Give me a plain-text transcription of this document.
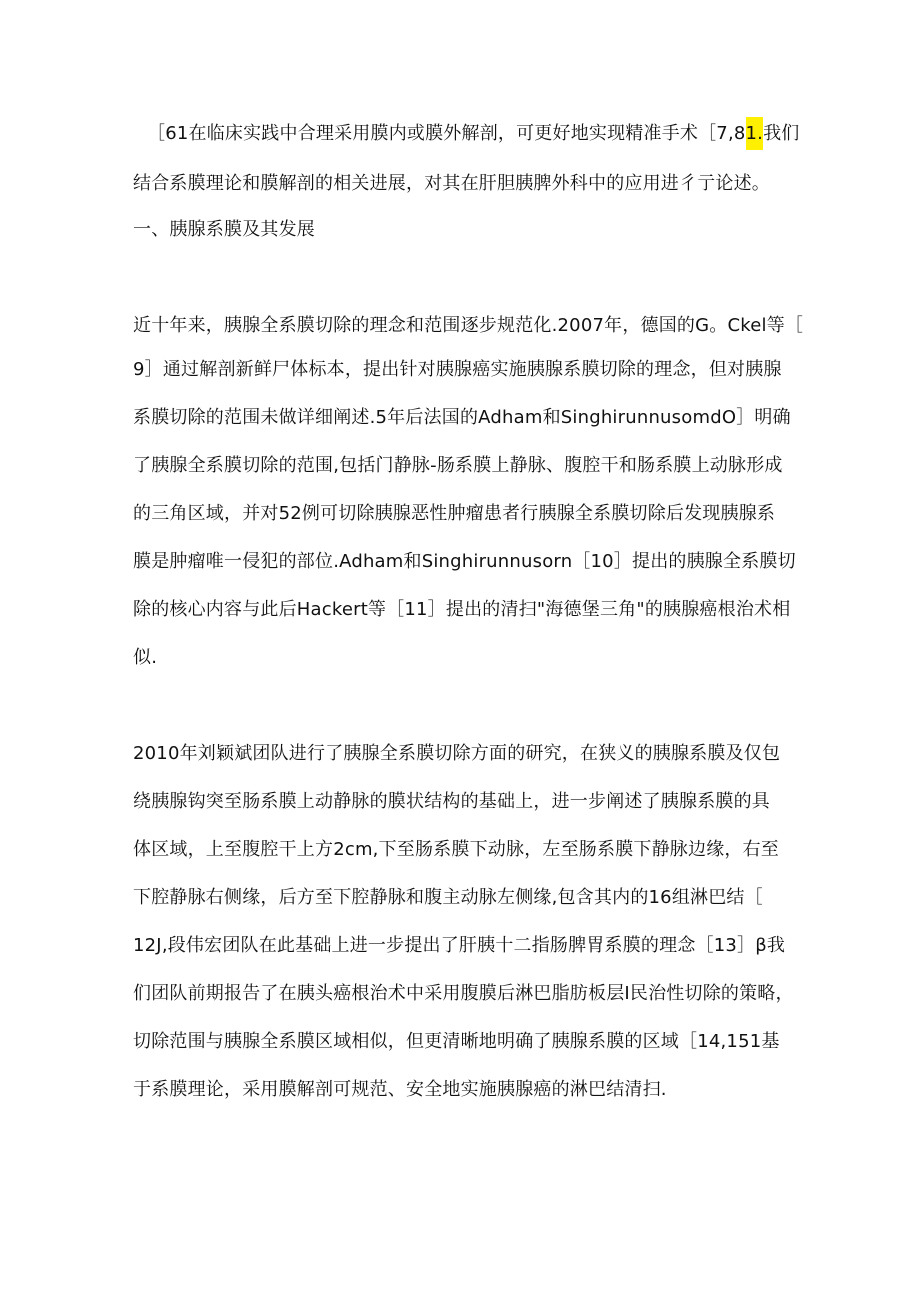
［61在临床实践中合理采用膜内或膜外解剖，可更好地实现精准手术［7,81.我们
结合系膜理论和膜解剖的相关进展，对其在肝胆胰脾外科中的应用进彳亍论述。
一、胰腺系膜及其发展
近十年来，胰腺全系膜切除的理念和范围逐步规范化.2007年，德国的G。Ckel等［
9］通过解剖新鲜尸体标本，提出针对胰腺癌实施胰腺系膜切除的理念，但对胰腺
系膜切除的范围未做详细阐述.5年后法国的Adham和SinghirunnusomdO］明确
了胰腺全系膜切除的范围,包括门静脉-肠系膜上静脉、腹腔干和肠系膜上动脉形成
的三角区域，并对52例可切除胰腺恶性肿瘤患者行胰腺全系膜切除后发现胰腺系
膜是肿瘤唯一侵犯的部位.Adham和Singhirunnusorn［10］提出的胰腺全系膜切
除的核心内容与此后Hackert等［11］提出的清扫"海德堡三角"的胰腺癌根治术相
似.
2010年刘颖斌团队进行了胰腺全系膜切除方面的研究，在狭义的胰腺系膜及仅包
绕胰腺钩突至肠系膜上动静脉的膜状结构的基础上，进一步阐述了胰腺系膜的具
体区域，上至腹腔干上方2cm,下至肠系膜下动脉，左至肠系膜下静脉边缘，右至
下腔静脉右侧缘，后方至下腔静脉和腹主动脉左侧缘,包含其内的16组淋巴结［
12J,段伟宏团队在此基础上进一步提出了肝胰十二指肠脾胃系膜的理念［13］β我
们团队前期报告了在胰头癌根治术中采用腹膜后淋巴脂肪板层I民治性切除的策略，
切除范围与胰腺全系膜区域相似，但更清晰地明确了胰腺系膜的区域［14,151基
于系膜理论，采用膜解剖可规范、安全地实施胰腺癌的淋巴结清扫.
